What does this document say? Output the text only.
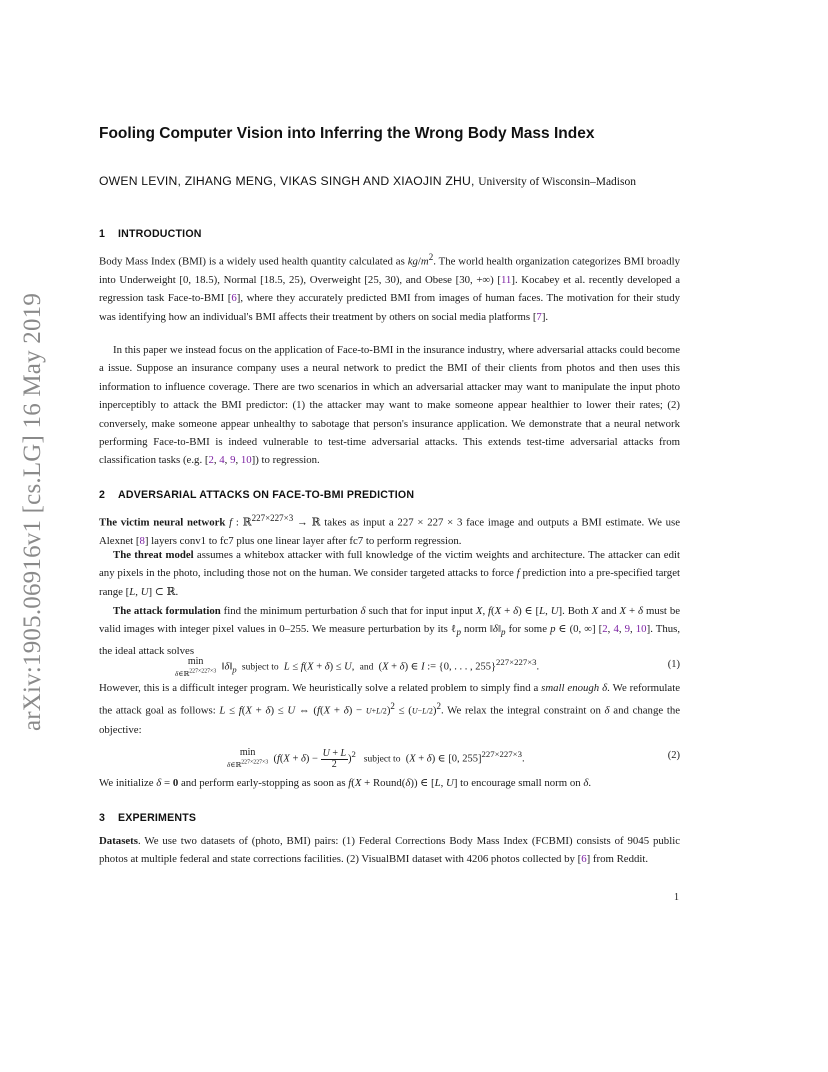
arXiv:1905.06916v1 [cs.LG] 16 May 2019
Fooling Computer Vision into Inferring the Wrong Body Mass Index
OWEN LEVIN, ZIHANG MENG, VIKAS SINGH AND XIAOJIN ZHU, University of Wisconsin–Madison
1 INTRODUCTION

Body Mass Index (BMI) is a widely used health quantity calculated as $kg/m^2$. The world health organization categorizes BMI broadly into Underweight [0, 18.5), Normal [18.5, 25), Overweight [25, 30), and Obese [30, +∞) [11]. Kocabey et al. recently developed a regression task Face-to-BMI [6], where they accurately predicted BMI from images of human faces. The motivation for their study was identifying how an individual's BMI affects their treatment by others on social media platforms [7].

In this paper we instead focus on the application of Face-to-BMI in the insurance industry, where adversarial attacks could become a issue. Suppose an insurance company uses a neural network to predict the BMI of their clients from photos and then uses this information to influence coverage. There are two scenarios in which an adversarial attacker may want to manipulate the input photo inperceptibly to attack the BMI predictor: (1) the attacker may want to make someone appear healthier to lower their rates; (2) conversely, make someone appear unhealthy to sabotage that person's insurance application. We demonstrate that a neural network performing Face-to-BMI is indeed vulnerable to test-time adversarial attacks. This extends test-time adversarial attacks from classification tasks (e.g. [2, 4, 9, 10]) to regression.

2 ADVERSARIAL ATTACKS ON FACE-TO-BMI PREDICTION

The victim neural network f : ℝ$^{227\times 227\times 3}$ → ℝ takes as input a 227 × 227 × 3 face image and outputs a BMI estimate. We use Alexnet [8] layers conv1 to fc7 plus one linear layer after fc7 to perform regression.

The threat model assumes a whitebox attacker with full knowledge of the victim weights and architecture. The attacker can edit any pixels in the photo, including those not on the human. We consider targeted attacks to force f prediction into a pre-specified target range [L, U] ⊂ ℝ.

The attack formulation find the minimum perturbation δ such that for input input X, f(X + δ) ∈ [L, U]. Both X and X + δ must be valid images with integer pixel values in 0–255. We measure perturbation by its ℓ$_p$ norm $‖\delta‖_p$ for some p ∈ (0, ∞] [2, 4, 9, 10]. Thus, the ideal attack solves

min
δ∈ℝ$^{227\times 227\times 3}$  $‖\delta‖_p$ subject to L ≤ f(X + δ) ≤ U,  and  (X + δ) ∈ I := {0, . . . , 255}$^{227\times 227\times 3}$.	(1)

However, this is a difficult integer program. We heuristically solve a related problem to simply find a small enough δ. We reformulate the attack goal as follows: L ≤ f(X + δ) ≤ U ⇔ $(f(X + \delta) - U+L/2)^2 \le (U-L/2)^2$. We relax the integral constraint on δ and change the objective:

min
δ∈ℝ$^{227\times 227\times 3}$  (f(X + δ) − U + L
2)$^2$   subject to  (X + δ) ∈ [0, 255]$^{227\times 227\times 3}$.	(2)

We initialize δ = 0 and perform early-stopping as soon as f(X + Round(δ)) ∈ [L, U] to encourage small norm on δ.

3 EXPERIMENTS

Datasets. We use two datasets of (photo, BMI) pairs: (1) Federal Corrections Body Mass Index (FCBMI) consists of 9045 public photos at multiple federal and state corrections facilities. (2) VisualBMI dataset with 4206 photos collected by [6] from Reddit.

1
